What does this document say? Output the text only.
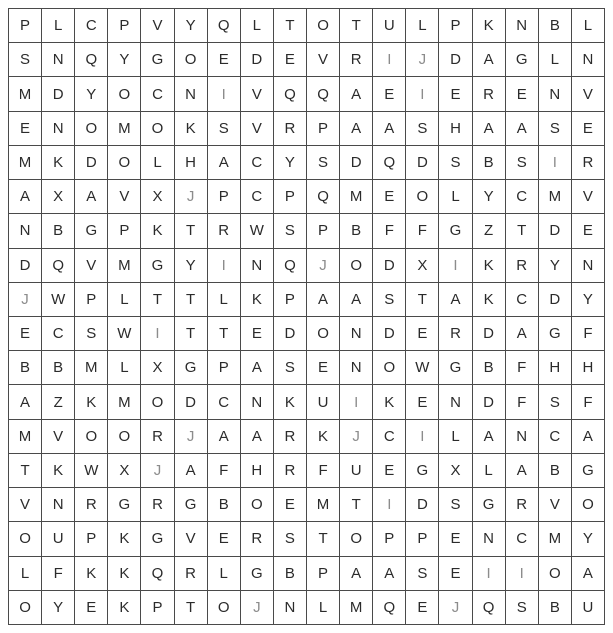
P	L	C	P	V	Y	Q	L	T	O	T	U	L	P	K	N	B	L
S	N	Q	Y	G	O	E	D	E	V	R	I	J	D	A	G	L	N
M	D	Y	O	C	N	I	V	Q	Q	A	E	I	E	R	E	N	V
E	N	O	M	O	K	S	V	R	P	A	A	S	H	A	A	S	E
M	K	D	O	L	H	A	C	Y	S	D	Q	D	S	B	S	I	R
A	X	A	V	X	J	P	C	P	Q	M	E	O	L	Y	C	M	V
N	B	G	P	K	T	R	W	S	P	B	F	F	G	Z	T	D	E
D	Q	V	M	G	Y	I	N	Q	J	O	D	X	I	K	R	Y	N
J	W	P	L	T	T	L	K	P	A	A	S	T	A	K	C	D	Y
E	C	S	W	I	T	T	E	D	O	N	D	E	R	D	A	G	F
B	B	M	L	X	G	P	A	S	E	N	O	W	G	B	F	H	H
A	Z	K	M	O	D	C	N	K	U	I	K	E	N	D	F	S	F
M	V	O	O	R	J	A	A	R	K	J	C	I	L	A	N	C	A
T	K	W	X	J	A	F	H	R	F	U	E	G	X	L	A	B	G
V	N	R	G	R	G	B	O	E	M	T	I	D	S	G	R	V	O
O	U	P	K	G	V	E	R	S	T	O	P	P	E	N	C	M	Y
L	F	K	K	Q	R	L	G	B	P	A	A	S	E	I	I	O	A
O	Y	E	K	P	T	O	J	N	L	M	Q	E	J	Q	S	B	U
